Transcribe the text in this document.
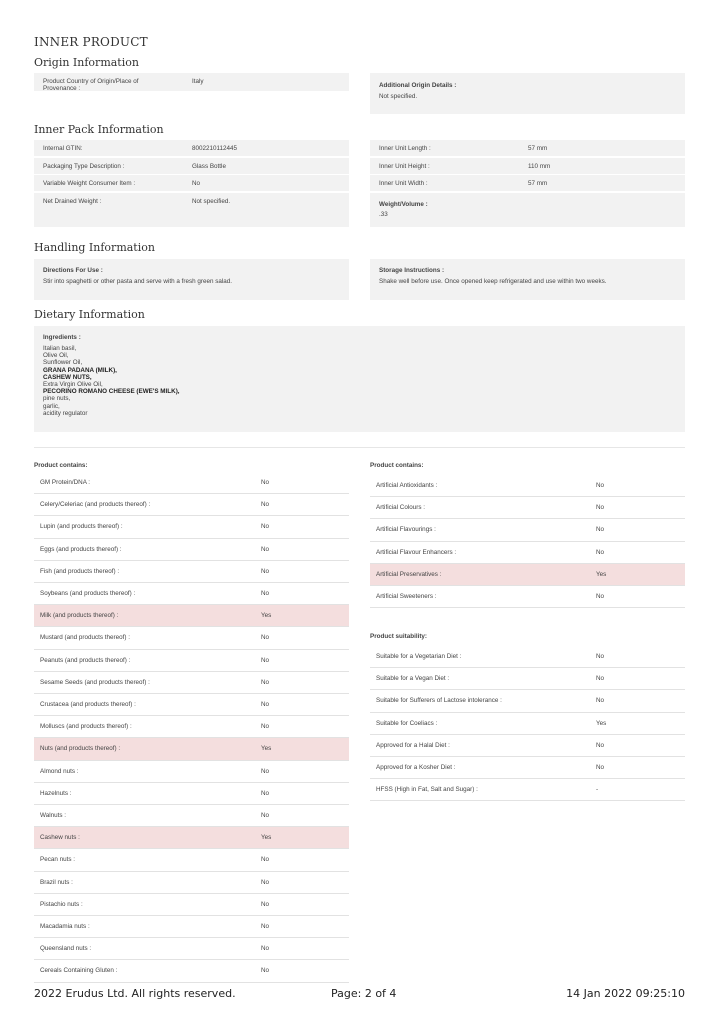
INNER PRODUCT
Origin Information
Product Country of Origin/Place of Provenance :
Italy
Additional Origin Details :
Not specified.
Inner Pack Information
Internal GTIN:	8002210112445
Packaging Type Description :	Glass Bottle
Variable Weight Consumer Item :	No
Net Drained Weight :	Not specified.
Inner Unit Length :	57 mm
Inner Unit Height :	110 mm
Inner Unit Width :	57 mm
Weight/Volume :
.33
Handling Information
Directions For Use :
Stir into spaghetti or other pasta and serve with a fresh green salad.
Storage Instructions :
Shake well before use. Once opened keep refrigerated and use within two weeks.
Dietary Information
Ingredients :
Italian basil,
Olive Oil,
Sunflower Oil,
GRANA PADANA (MILK),
CASHEW NUTS,
Extra Virgin Olive Oil,
PECORINO ROMANO CHEESE (EWE'S MILK),
pine nuts,
garlic,
acidity regulator
Product contains:
GM Protein/DNA :	No
Celery/Celeriac (and products thereof) :	No
Lupin (and products thereof) :	No
Eggs (and products thereof) :	No
Fish (and products thereof) :	No
Soybeans (and products thereof) :	No
Milk (and products thereof) :	Yes
Mustard (and products thereof) :	No
Peanuts (and products thereof) :	No
Sesame Seeds (and products thereof) :	No
Crustacea (and products thereof) :	No
Molluscs (and products thereof) :	No
Nuts (and products thereof) :	Yes
Almond nuts :	No
Hazelnuts :	No
Walnuts :	No
Cashew nuts :	Yes
Pecan nuts :	No
Brazil nuts :	No
Pistachio nuts :	No
Macadamia nuts :	No
Queensland nuts :	No
Cereals Containing Gluten :	No
Product contains:
Artificial Antioxidants :	No
Artificial Colours :	No
Artificial Flavourings :	No
Artificial Flavour Enhancers :	No
Artificial Preservatives :	Yes
Artificial Sweeteners :	No
Product suitability:
Suitable for a Vegetarian Diet :	No
Suitable for a Vegan Diet :	No
Suitable for Sufferers of Lactose intolerance :	No
Suitable for Coeliacs :	Yes
Approved for a Halal Diet :	No
Approved for a Kosher Diet :	No
HFSS (High in Fat, Salt and Sugar) :	-
2022 Erudus Ltd. All rights reserved.	Page: 2 of 4	14 Jan 2022 09:25:10
